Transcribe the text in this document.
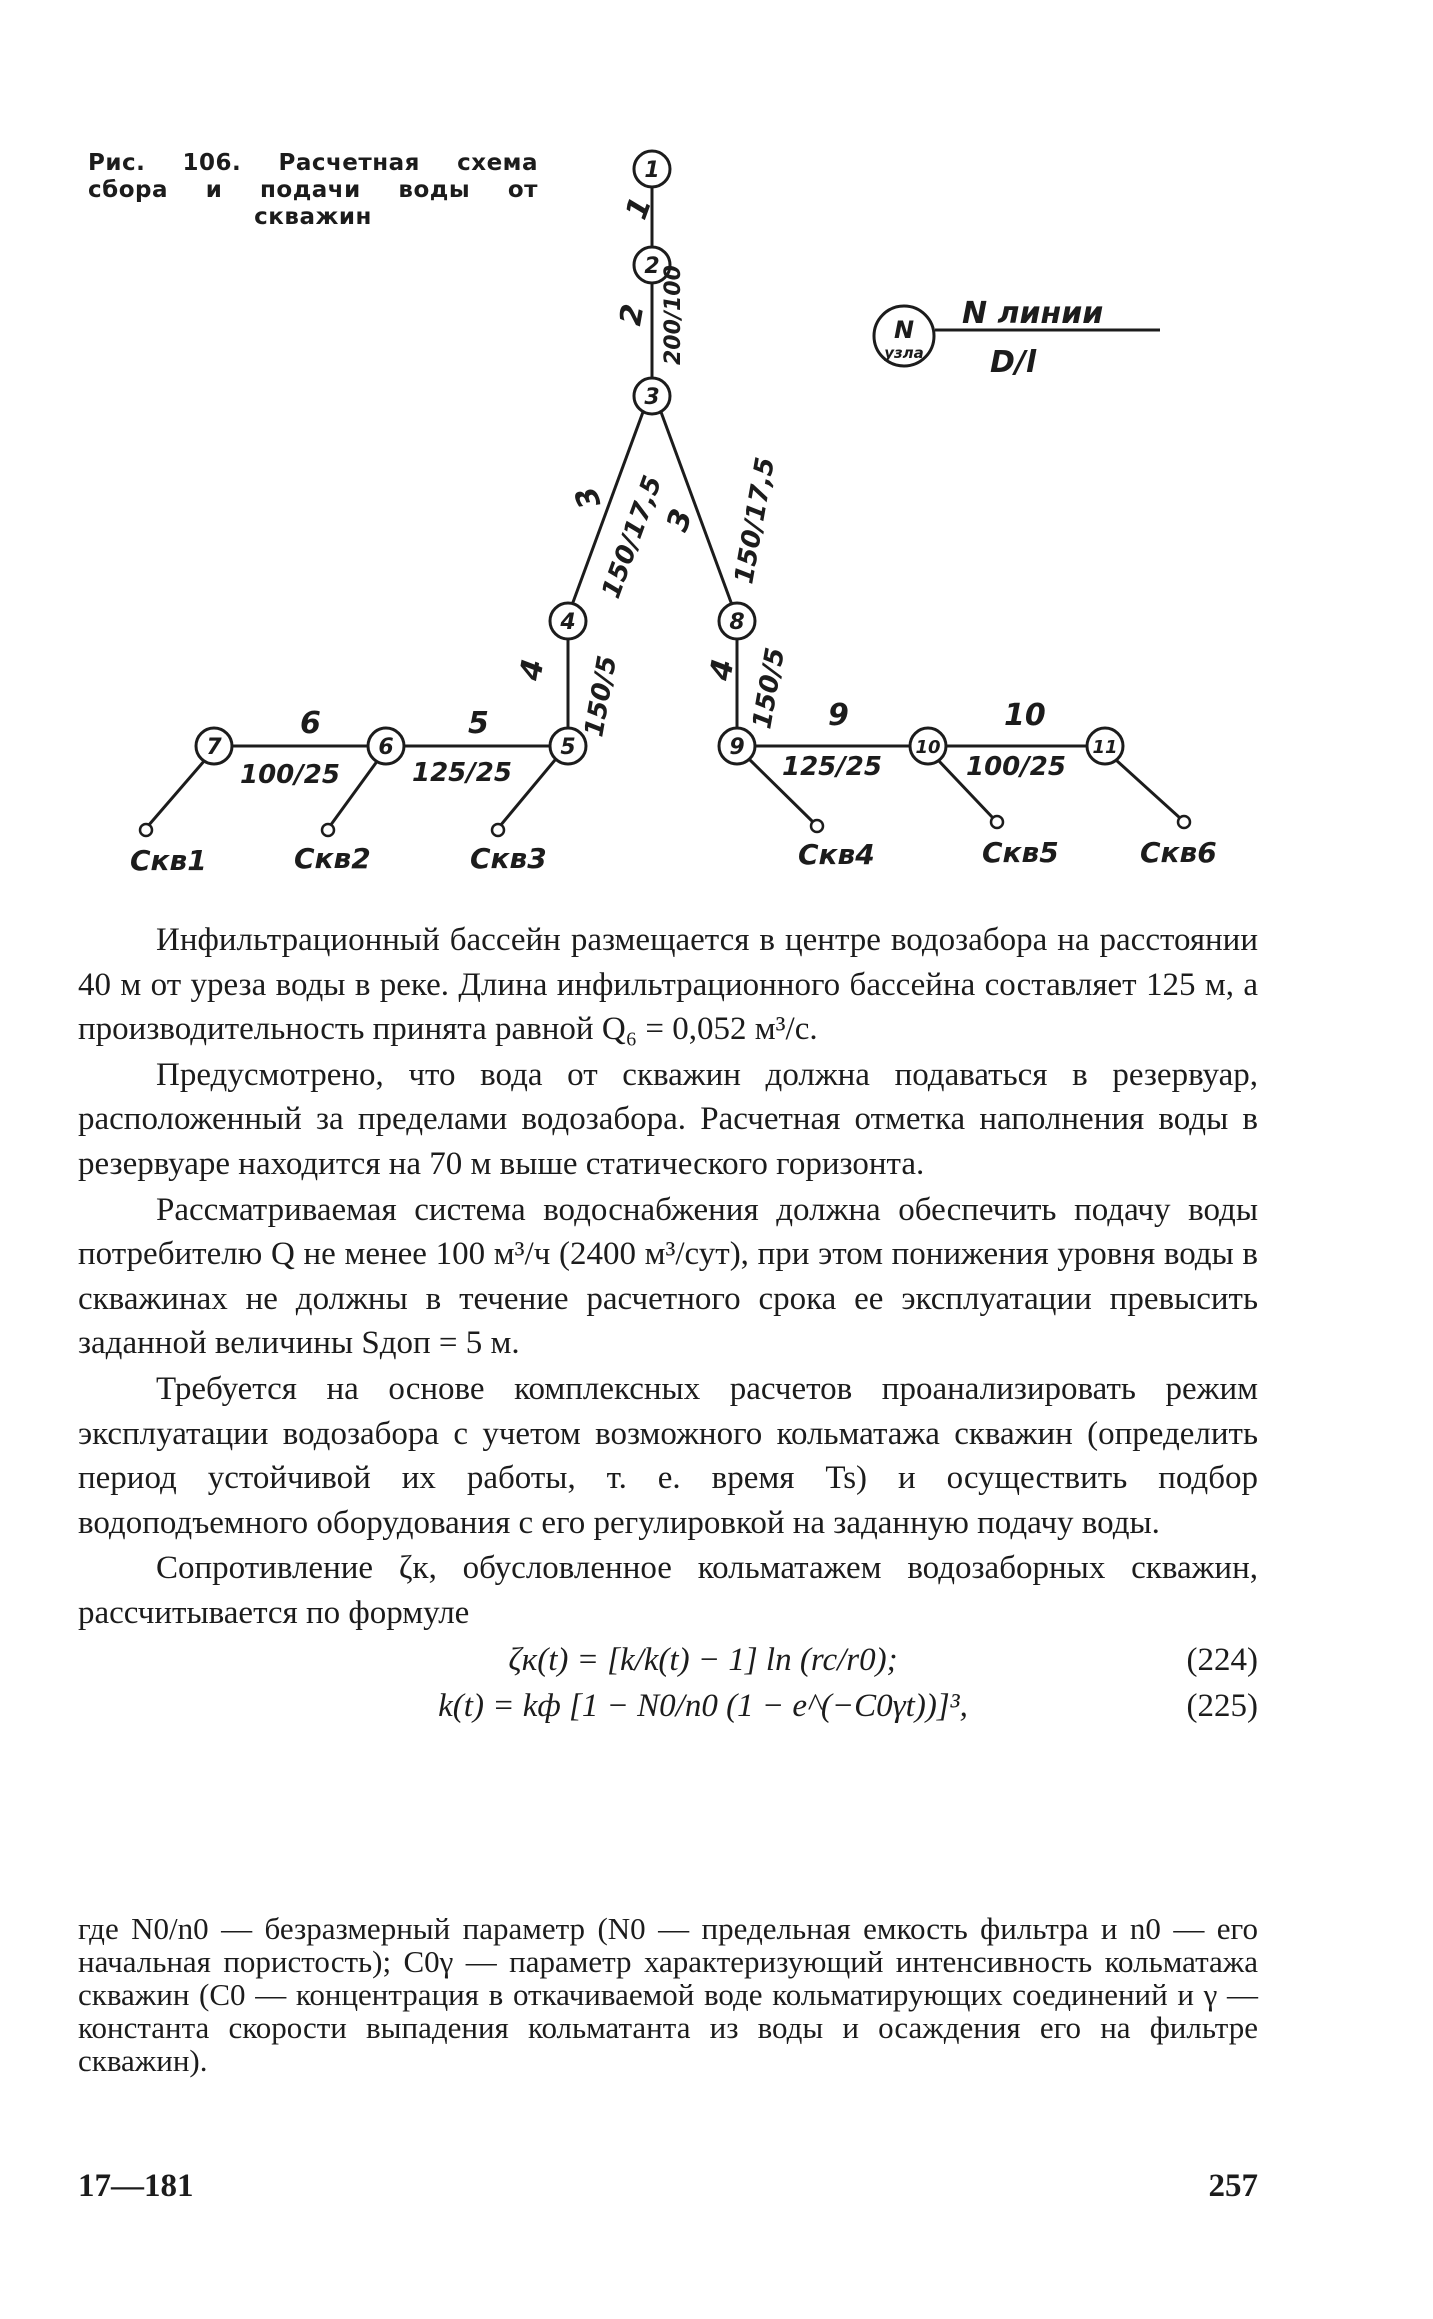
Рис. 106. Расчетная схема
сбора и подачи воды от
скважин

1
2
3
4
5
6
7
8
9	10	11
N
узла
N линии
D/l
1
2
3
3
4	4
5
6	9	10
200/100
150/17,5 150/17,5
150/5	150/5
125/25
100/25	125/25	100/25
Скв1	Скв2	Скв3	Скв4	Скв5	Скв6

Инфильтрационный бассейн размещается в центре водозабора на расстоянии 40 м от уреза воды в реке. Длина инфильтрационного бассейна составляет 125 м, а производительность принята равной Q₆ = 0,052 м³/с.

Предусмотрено, что вода от скважин должна подаваться в резервуар, расположенный за пределами водозабора. Расчетная отметка наполнения воды в резервуаре находится на 70 м выше статического горизонта.

Рассматриваемая система водоснабжения должна обеспечить подачу воды потребителю Q не менее 100 м³/ч (2400 м³/сут), при этом понижения уровня воды в скважинах не должны в течение расчетного срока ее эксплуатации превысить заданной величины Sдоп = 5 м.

Требуется на основе комплексных расчетов проанализировать режим эксплуатации водозабора с учетом возможного кольматажа скважин (определить период устойчивой их работы, т. е. время Ts) и осуществить подбор водоподъемного оборудования с его регулировкой на заданную подачу воды.

Сопротивление ζк, обусловленное кольматажем водозаборных скважин, рассчитывается по формуле

ζк(t) = [k/k(t) − 1] ln (rc/r0);	(224)
k(t) = kф [1 − N0/n0 (1 − e^(−C0γt))]³,	(225)

где N0/n0 — безразмерный параметр (N0 — предельная емкость фильтра и n0 — его начальная пористость); C0γ — параметр характеризующий интенсивность кольматажа скважин (C0 — концентрация в откачиваемой воде кольматирующих соединений и γ — константа скорости выпадения кольматанта из воды и осаждения его на фильтре скважин).

17—181	257
